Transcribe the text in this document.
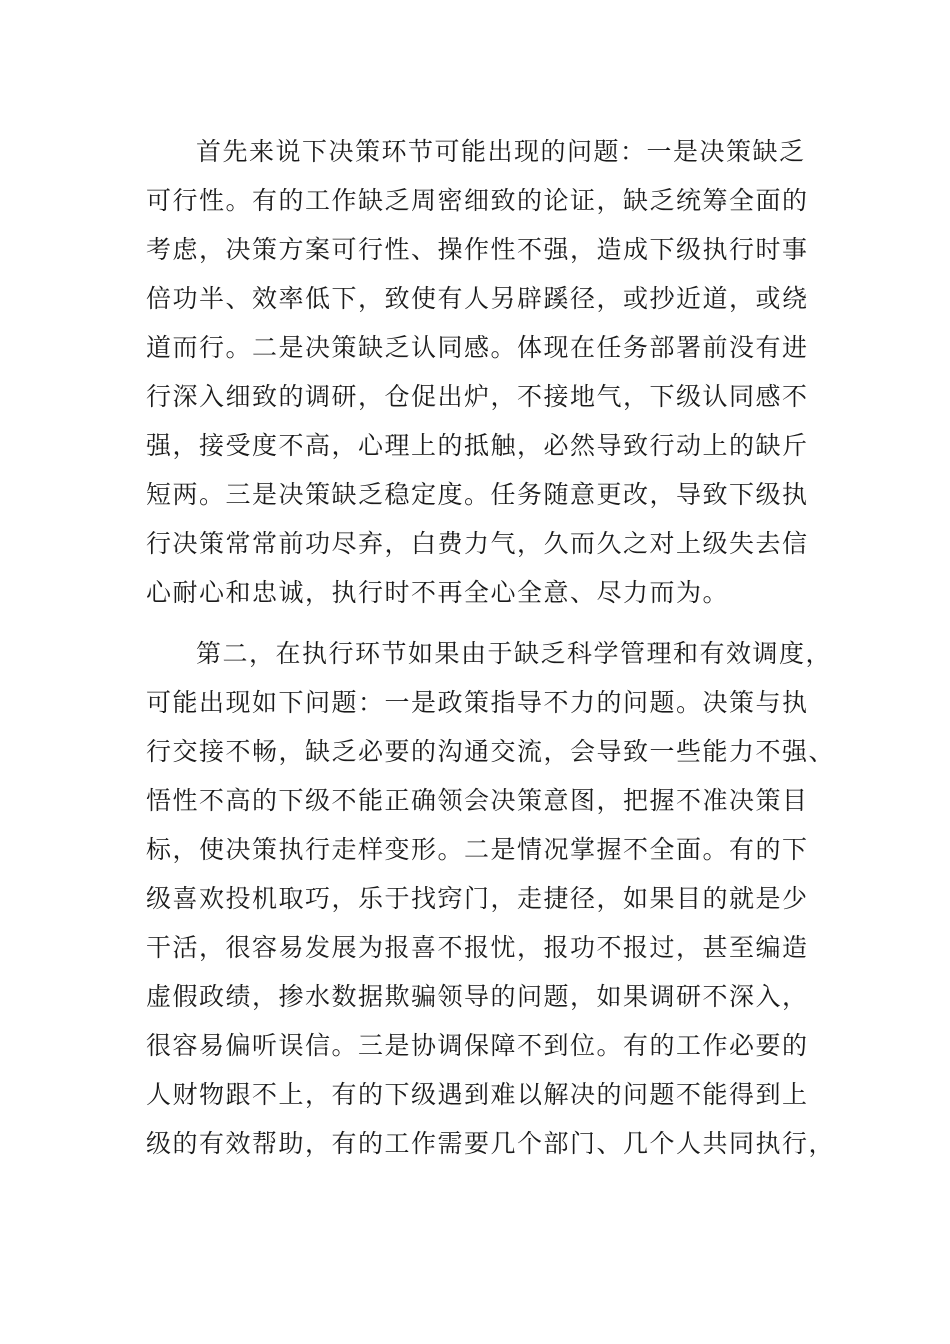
首先来说下决策环节可能出现的问题：一是决策缺乏
可行性。有的工作缺乏周密细致的论证，缺乏统筹全面的
考虑，决策方案可行性、操作性不强，造成下级执行时事
倍功半、效率低下，致使有人另辟蹊径，或抄近道，或绕
道而行。二是决策缺乏认同感。体现在任务部署前没有进
行深入细致的调研，仓促出炉，不接地气，下级认同感不
强，接受度不高，心理上的抵触，必然导致行动上的缺斤
短两。三是决策缺乏稳定度。任务随意更改，导致下级执
行决策常常前功尽弃，白费力气，久而久之对上级失去信
心耐心和忠诚，执行时不再全心全意、尽力而为。
第二，在执行环节如果由于缺乏科学管理和有效调度，
可能出现如下问题：一是政策指导不力的问题。决策与执
行交接不畅，缺乏必要的沟通交流，会导致一些能力不强、
悟性不高的下级不能正确领会决策意图，把握不准决策目
标，使决策执行走样变形。二是情况掌握不全面。有的下
级喜欢投机取巧，乐于找窍门，走捷径，如果目的就是少
干活，很容易发展为报喜不报忧，报功不报过，甚至编造
虚假政绩，掺水数据欺骗领导的问题，如果调研不深入，
很容易偏听误信。三是协调保障不到位。有的工作必要的
人财物跟不上，有的下级遇到难以解决的问题不能得到上
级的有效帮助，有的工作需要几个部门、几个人共同执行，
